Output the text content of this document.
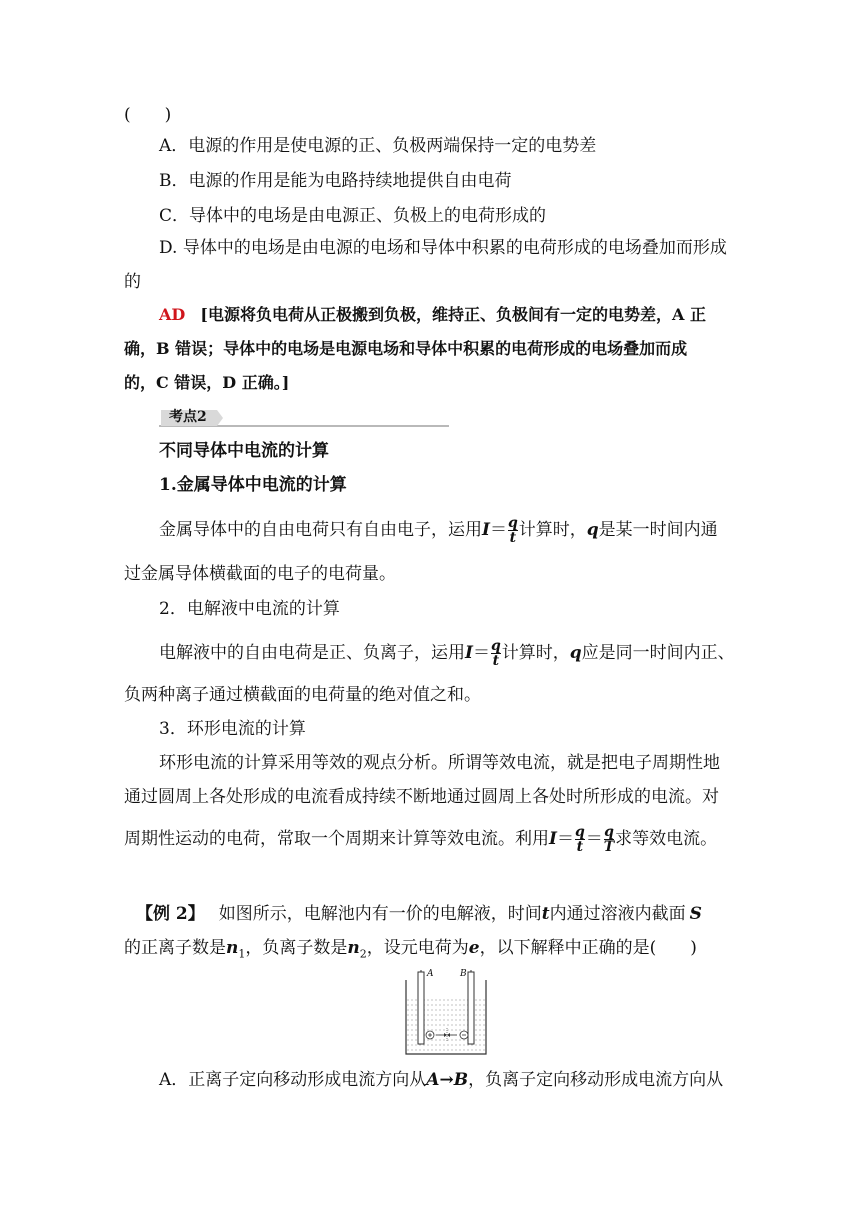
(　　)
A．电源的作用是使电源的正、负极两端保持一定的电势差
B．电源的作用是能为电路持续地提供自由电荷
C．导体中的电场是由电源正、负极上的电荷形成的
D. 导体中的电场是由电源的电场和导体中积累的电荷形成的电场叠加而形成
的
AD [电源将负电荷从正极搬到负极，维持正、负极间有一定的电势差，A 正
确，B 错误；导体中的电场是电源电场和导体中积累的电荷形成的电场叠加而成
的，C 错误，D 正确。]
考点2
不同导体中电流的计算
1.金属导体中电流的计算
金属导体中的自由电荷只有自由电子，运用$I= \frac{q}{t}$ 计算时，q是某一时间内通
过金属导体横截面的电子的电荷量。
2．电解液中电流的计算
电解液中的自由电荷是正、负离子，运用$I= \frac{q}{t}$ 计算时，q应是同一时间内正、
负两种离子通过横截面的电荷量的绝对值之和。
3．环形电流的计算
环形电流的计算采用等效的观点分析。所谓等效电流，就是把电子周期性地
通过圆周上各处形成的电流看成持续不断地通过圆周上各处时所形成的电流。对
周期性运动的电荷，常取一个周期来计算等效电流。利用$I= \frac{q}{t} = \frac{q}{T}$ 求等效电流。
【例 2】 如图所示，电解池内有一价的电解液，时间t内通过溶液内截面 S
的正离子数是$n_1$，负离子数是$n_2$，设元电荷为e，以下解释中正确的是(　　)
A	B
A．正离子定向移动形成电流方向从A→B，负离子定向移动形成电流方向从
